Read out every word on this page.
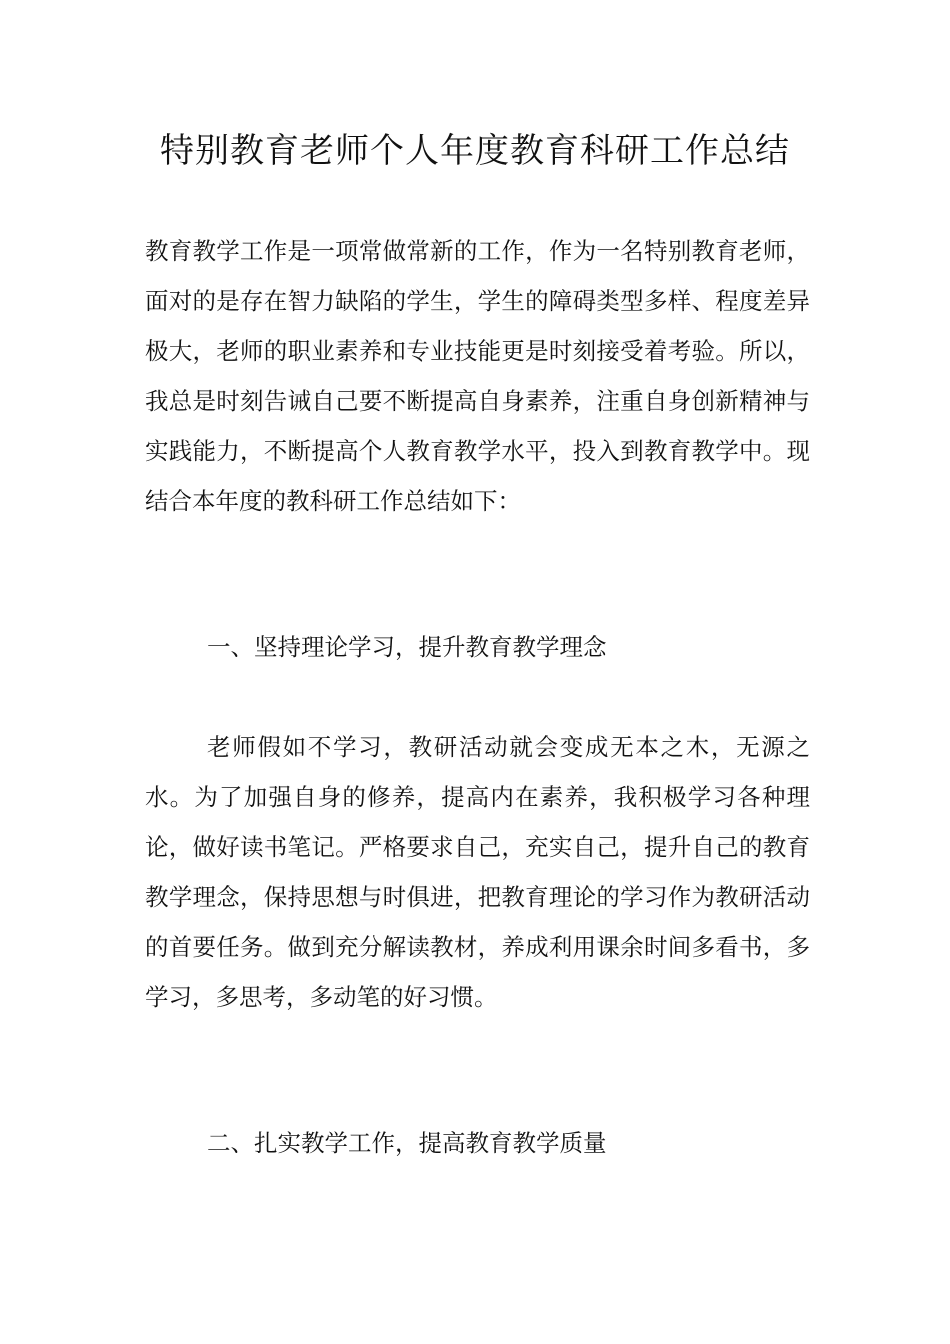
特别教育老师个人年度教育科研工作总结

教育教学工作是一项常做常新的工作，作为一名特别教育老师，面对的是存在智力缺陷的学生，学生的障碍类型多样、程度差异极大，老师的职业素养和专业技能更是时刻接受着考验。所以，我总是时刻告诫自己要不断提高自身素养，注重自身创新精神与实践能力，不断提高个人教育教学水平，投入到教育教学中。现结合本年度的教科研工作总结如下：

一、坚持理论学习，提升教育教学理念

老师假如不学习，教研活动就会变成无本之木，无源之水。为了加强自身的修养，提高内在素养，我积极学习各种理论，做好读书笔记。严格要求自己，充实自己，提升自己的教育教学理念，保持思想与时俱进，把教育理论的学习作为教研活动的首要任务。做到充分解读教材，养成利用课余时间多看书，多学习，多思考，多动笔的好习惯。

二、扎实教学工作，提高教育教学质量
